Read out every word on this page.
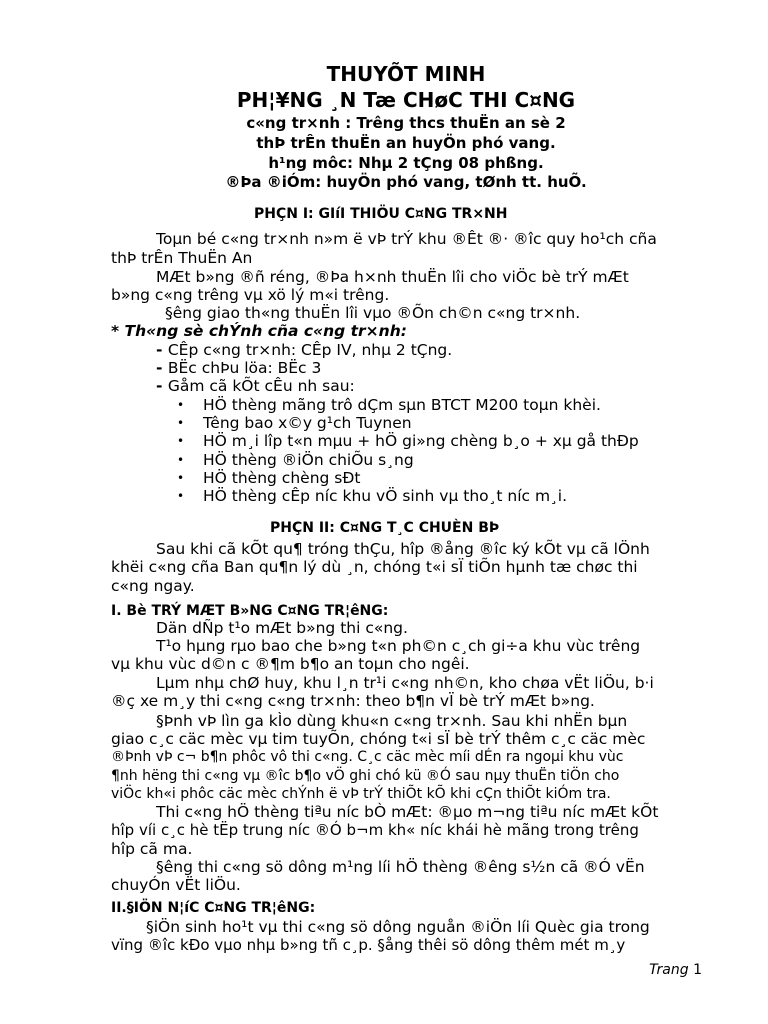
THUYÕT MINH
PH¦¥NG ¸N Tæ CHøC THI C¤NG
c«ng tr×nh : Trêng thcs thuËn an sè 2
thÞ trÊn thuËn an huyÖn phó vang.
h¹ng môc: Nhµ 2 tÇng 08 phßng.
®Þa ®iÓm: huyÖn phó vang, tØnh tt. huÕ.
PHÇN I: GIíI THIÖU C¤NG TR×NH
Toµn bé c«ng tr×nh n»m ë vÞ trÝ khu ®Êt ®· ®îc quy ho¹ch cña
thÞ trÊn ThuËn An
MÆt b»ng ®ñ réng, ®Þa h×nh thuËn lîi cho viÖc bè trÝ mÆt
b»ng c«ng trêng vµ xö lý m«i trêng.
§êng giao th«ng thuËn lîi vµo ®Õn ch©n c«ng tr×nh.
* Th«ng sè chÝnh cña c«ng tr×nh:
- CÊp c«ng tr×nh: CÊp IV, nhµ 2 tÇng.
- BËc chÞu löa: BËc 3
- Gåm cã kÕt cÊu nh sau:
• HÖ thèng mãng trô dÇm sµn BTCT M200 toµn khèi.
• Têng bao x©y g¹ch Tuynen
• HÖ m¸i lîp t«n mµu + hÖ gi»ng chèng b¸o + xµ gå thÐp
• HÖ thèng ®iÖn chiÕu s¸ng
• HÖ thèng chèng sÐt
• HÖ thèng cÊp níc khu vÖ sinh vµ tho¸t níc m¸i.
PHÇN II: C¤NG T¸C CHUÈN BÞ
Sau khi cã kÕt qu¶ tróng thÇu, hîp ®ång ®îc ký kÕt vµ cã lÖnh
khëi c«ng cña Ban qu¶n lý dù ¸n, chóng t«i sÏ tiÕn hµnh tæ chøc thi
c«ng ngay.
I. Bè TRÝ MÆT B»NG C¤NG TR¦êNG:
Dän dÑp t¹o mÆt b»ng thi c«ng.
T¹o hµng rµo bao che b»ng t«n ph©n c¸ch gi÷a khu vùc trêng
vµ khu vùc d©n c ®¶m b¶o an toµn cho ngêi.
Lµm nhµ chØ huy, khu l¸n tr¹i c«ng nh©n, kho chøa vËt liÖu, b·i
®ç xe m¸y thi c«ng c«ng tr×nh: theo b¶n vÏ bè trÝ mÆt b»ng.
§Þnh vÞ lìn ga kÌo dùng khu«n c«ng tr×nh. Sau khi nhËn bµn
giao c¸c cäc mèc vµ tim tuyÕn, chóng t«i sÏ bè trÝ thêm c¸c cäc mèc
®Þnh vÞ c¬ b¶n phôc vô thi c«ng. C¸c cäc mèc míi dÉn ra ngoµi khu vùc
¶nh hëng thi c«ng vµ ®îc b¶o vÖ ghi chó kü ®Ó sau nµy thuËn tiÖn cho
viÖc kh«i phôc cäc mèc chÝnh ë vÞ trÝ thiÕt kÕ khi cÇn thiÕt kiÓm tra.
Thi c«ng hÖ thèng tiªu níc bÒ mÆt: ®µo m¬ng tiªu níc mÆt kÕt
hîp víi c¸c hè tËp trung níc ®Ó b¬m kh« níc khái hè mãng trong trêng
hîp cã ma.
§êng thi c«ng sö dông m¹ng líi hÖ thèng ®êng s½n cã ®Ó vËn
chuyÓn vËt liÖu.
II.§IÖN N¦íC C¤NG TR¦êNG:
§iÖn sinh ho¹t vµ thi c«ng sö dông nguån ®iÖn líi Quèc gia trong
vïng ®îc kÐo vµo nhµ b»ng tñ c¸p. §ång thêi sö dông thêm mét m¸y
Trang 1
